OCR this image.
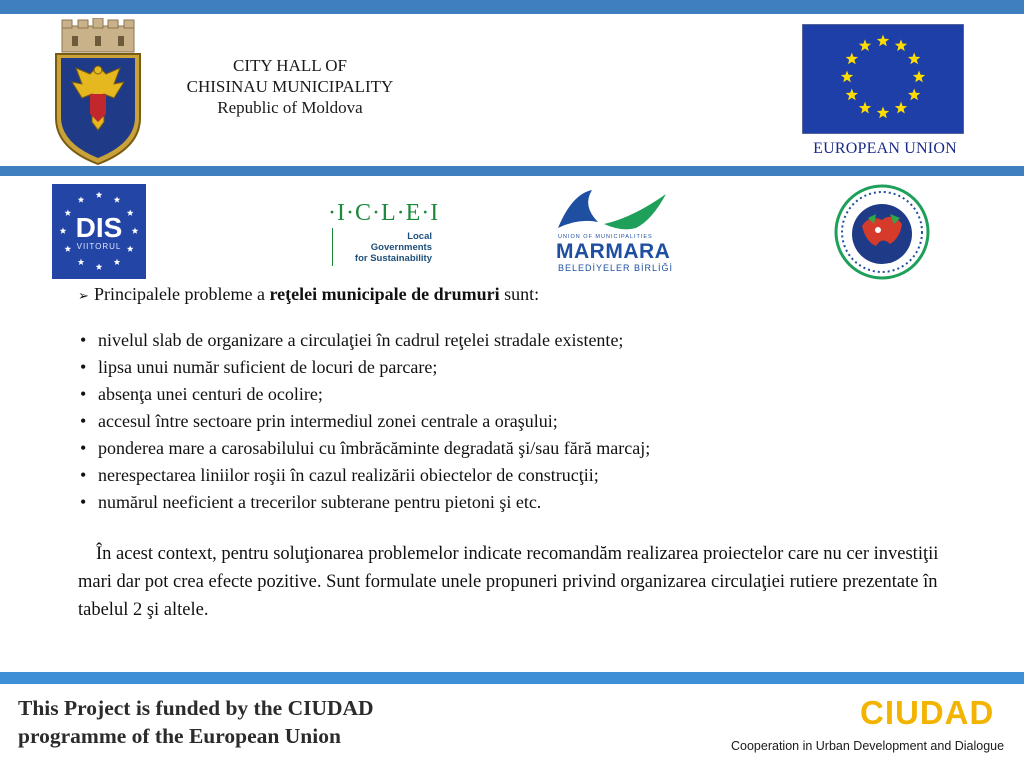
CITY HALL OF
CHISINAU MUNICIPALITY
Republic of Moldova
EUROPEAN UNION
DIS
VIITORUL
·I·C·L·E·I
Local
Governments
for Sustainability
UNION OF MUNICIPALITIES
MARMARA
BELEDİYELER BİRLİĞİ
➢ Principalele probleme a reţelei municipale de drumuri sunt:
• nivelul slab de organizare a circulaţiei în cadrul reţelei stradale existente;
• lipsa unui număr suficient de locuri de parcare;
• absenţa unei centuri de ocolire;
• accesul între sectoare prin intermediul zonei centrale a oraşului;
• ponderea mare a carosabilului cu îmbrăcăminte degradată şi/sau fără marcaj;
• nerespectarea liniilor roşii în cazul realizării obiectelor de construcţii;
• numărul neeficient a trecerilor subterane pentru pietoni şi etc.
În acest context, pentru soluţionarea problemelor indicate recomandăm realizarea proiectelor care nu cer investiţii mari dar pot crea efecte pozitive. Sunt formulate unele propuneri privind organizarea circulaţiei rutiere prezentate în tabelul 2 şi altele.
This Project is funded by the CIUDAD
programme of the European Union
CIUDAD
Cooperation in Urban Development and Dialogue
